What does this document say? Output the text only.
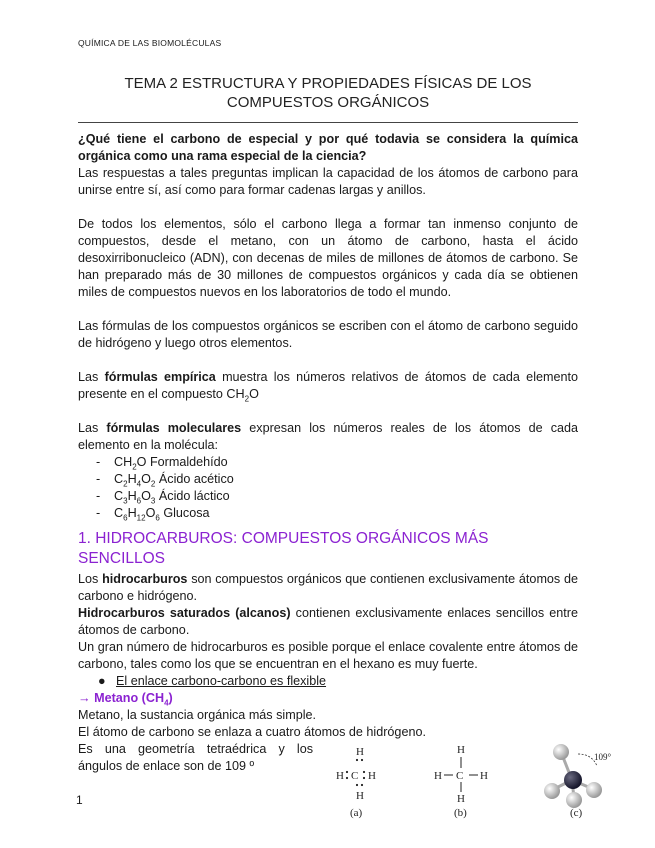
QUÍMICA DE LAS BIOMOLÉCULAS
TEMA 2 ESTRUCTURA Y PROPIEDADES FÍSICAS DE LOS
COMPUESTOS ORGÁNICOS

¿Qué tiene el carbono de especial y por qué todavia se considera la química orgánica como una rama especial de la ciencia?

Las respuestas a tales preguntas implican la capacidad de los átomos de carbono para unirse entre sí, así como para formar cadenas largas y anillos.

De todos los elementos, sólo el carbono llega a formar tan inmenso conjunto de compuestos, desde el metano, con un átomo de carbono, hasta el ácido desoxirribonucleico (ADN), con decenas de miles de millones de átomos de carbono. Se han preparado más de 30 millones de compuestos orgánicos y cada día se obtienen miles de compuestos nuevos en los laboratorios de todo el mundo.

Las fórmulas de los compuestos orgánicos se escriben con el átomo de carbono seguido de hidrógeno y luego otros elementos.

Las fórmulas empírica muestra los números relativos de átomos de cada elemento presente en el compuesto $CH_2O$

Las fórmulas moleculares expresan los números reales de los átomos de cada elemento en la molécula:

- $CH_2O$ Formaldehído
- $C_2H_4O_2$ Ácido acético
- $C_3H_6O_3$ Ácido láctico
- $C_6H_{12}O_6$ Glucosa
1. HIDROCARBUROS: COMPUESTOS ORGÁNICOS MÁS SENCILLOS

Los hidrocarburos son compuestos orgánicos que contienen exclusivamente átomos de carbono e hidrógeno.

Hidrocarburos saturados (alcanos) contienen exclusivamente enlaces sencillos entre átomos de carbono.

Un gran número de hidrocarburos es posible porque el enlace covalente entre átomos de carbono, tales como los que se encuentran en el hexano es muy fuerte.

● El enlace carbono-carbono es flexible
→ Metano $(CH_4)$
Metano, la sustancia orgánica más simple.
El átomo de carbono se enlaza a cuatro átomos de hidrógeno.
Es una geometría tetraédrica y los ángulos de enlace son de 109 º
H
H C H
H
(a)
H
H C H
H
(b)
109°
(c)
1
